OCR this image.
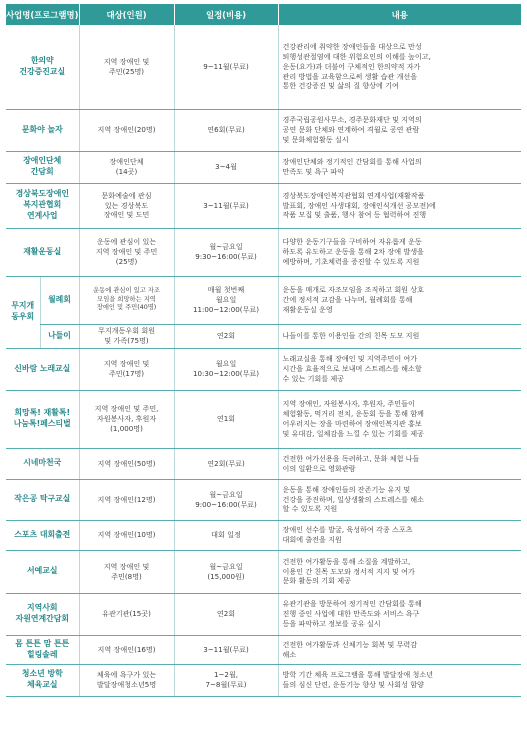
사업명(프로그램명)		대상(인원)	일정(비용)	내용

한의약
건강증진교실		지역 장애인 및
주민(25명)	9~11월(무료)	건강관리에 취약한 장애인들을 대상으로 만성
퇴행성관절염에 대한 위험요인의 이해를 높이고,
운동(요가)과 더불어 구체적인 한의약적 자가
관리 방법을 교육함으로써 생활 습관 개선을
통한 건강증진 및 삶의 질 향상에 기여

문화야 놀자		지역 장애인(20명)	연6회(무료)	경주국립공원사무소, 경주문화재단 및 지역의
공연 문화 단체와 연계하여 격월로 공연 관람
및 문화체험활동 실시

장애인단체
간담회		장애인단체
(14곳)	3~4월	장애인단체와 정기적인 간담회를 통해 사업의
만족도 및 욕구 파악

경상북도장애인
복지관협회
연계사업		문화예술에 관심
있는 경상북도
장애인 및 도민	3~11월(무료)	경상북도장애인복지관협회 연계사업(재활작품
발표회, 장애인 사생대회, 장애인식개선 공모전)에
작품 모집 및 출품, 행사 참여 등 협력하여 진행

재활운동실		운동에 관심이 있는
지역 장애인 및 주민
(25명)	월~금요일
9:30~16:00(무료)	다양한 운동기구들을 구비하여 자유롭게 운동
하도록 유도하고 운동을 통해 2차 장애 발생을
예방하며, 기초체력을 증진할 수 있도록 지원

무지개 동우회	월례회	운동에 관심이 있고 자조
모임을 희망하는 지역
장애인 및 주민(40명)	매월 첫번째
월요일
11:00~12:00(무료)	운동을 매개로 자조모임을 조직하고 회원 상호
간에 정서적 교감을 나누며, 월례회를 통해
재활운동실 운영

	나들이	무지개동우회 회원
및 가족(75명)	연2회	나들이를 통한 이용인들 간의 친목 도모 지원

신바람 노래교실		지역 장애인 및
주민(17명)	월요일
10:30~12:00(무료)	노래교실을 통해 장애인 및 지역주민이 여가
시간을 효율적으로 보내며 스트레스를 해소할
수 있는 기회를 제공

희망톡! 재활톡!
나눔톡!페스티벌		지역 장애인 및 주민,
자원봉사자, 후원자
(1,000명)	연1회	지역 장애인, 자원봉사자, 후원자, 주민들이
체험활동, 먹거리 전치, 운동회 등을 통해 함께
어우러지는 장을 마련하여 장애인복지관 홍보
및 유대감, 일체감을 느낄 수 있는 기회를 제공

시네마천국		지역 장애인(50명)	연2회(무료)	건전한 여가선용을 독려하고, 문화 체험 나들
이의 일환으로 영화관람

작은공 탁구교실		지역 장애인(12명)	월~금요일
9:00~16:00(무료)	운동을 통해 장애인들의 잔존기능 유지 및
건강을 증진하며, 일상생활의 스트레스를 해소
할 수 있도록 지원

스포츠 대회출전		지역 장애인(10명)	대회 일정	장애인 선수를 발굴, 육성하여 각종 스포츠
대회에 출전을 지원

서예교실		지역 장애인 및
주민(8명)	월~금요일
(15,000원)	건전한 여가활동을 통해 소질을 계발하고,
이용인 간 친목 도모와 정서적 지지 및 여가
문화 활동의 기회 제공

지역사회
자원연계간담회		유관기관(15곳)	연2회	유관기관을 방문하여 정기적인 간담회를 통해
진행 중인 사업에 대한 만족도와 서비스 욕구
등을 파악하고 정보를 공유 실시

몸 튼튼 맘 튼튼
힐링솔레		지역 장애인(16명)	3~11월(무료)	건전한 여가활동과 신체기능 회복 및 무력감
해소

청소년 방학
체육교실		체육에 욕구가 있는
발달장애청소년5명	1~2월,
7~8월(무료)	방학 기간 체육 프로그램을 통해 발달장애 청소년
들의 심신 단련, 운동기능 향상 및 사회성 함양
